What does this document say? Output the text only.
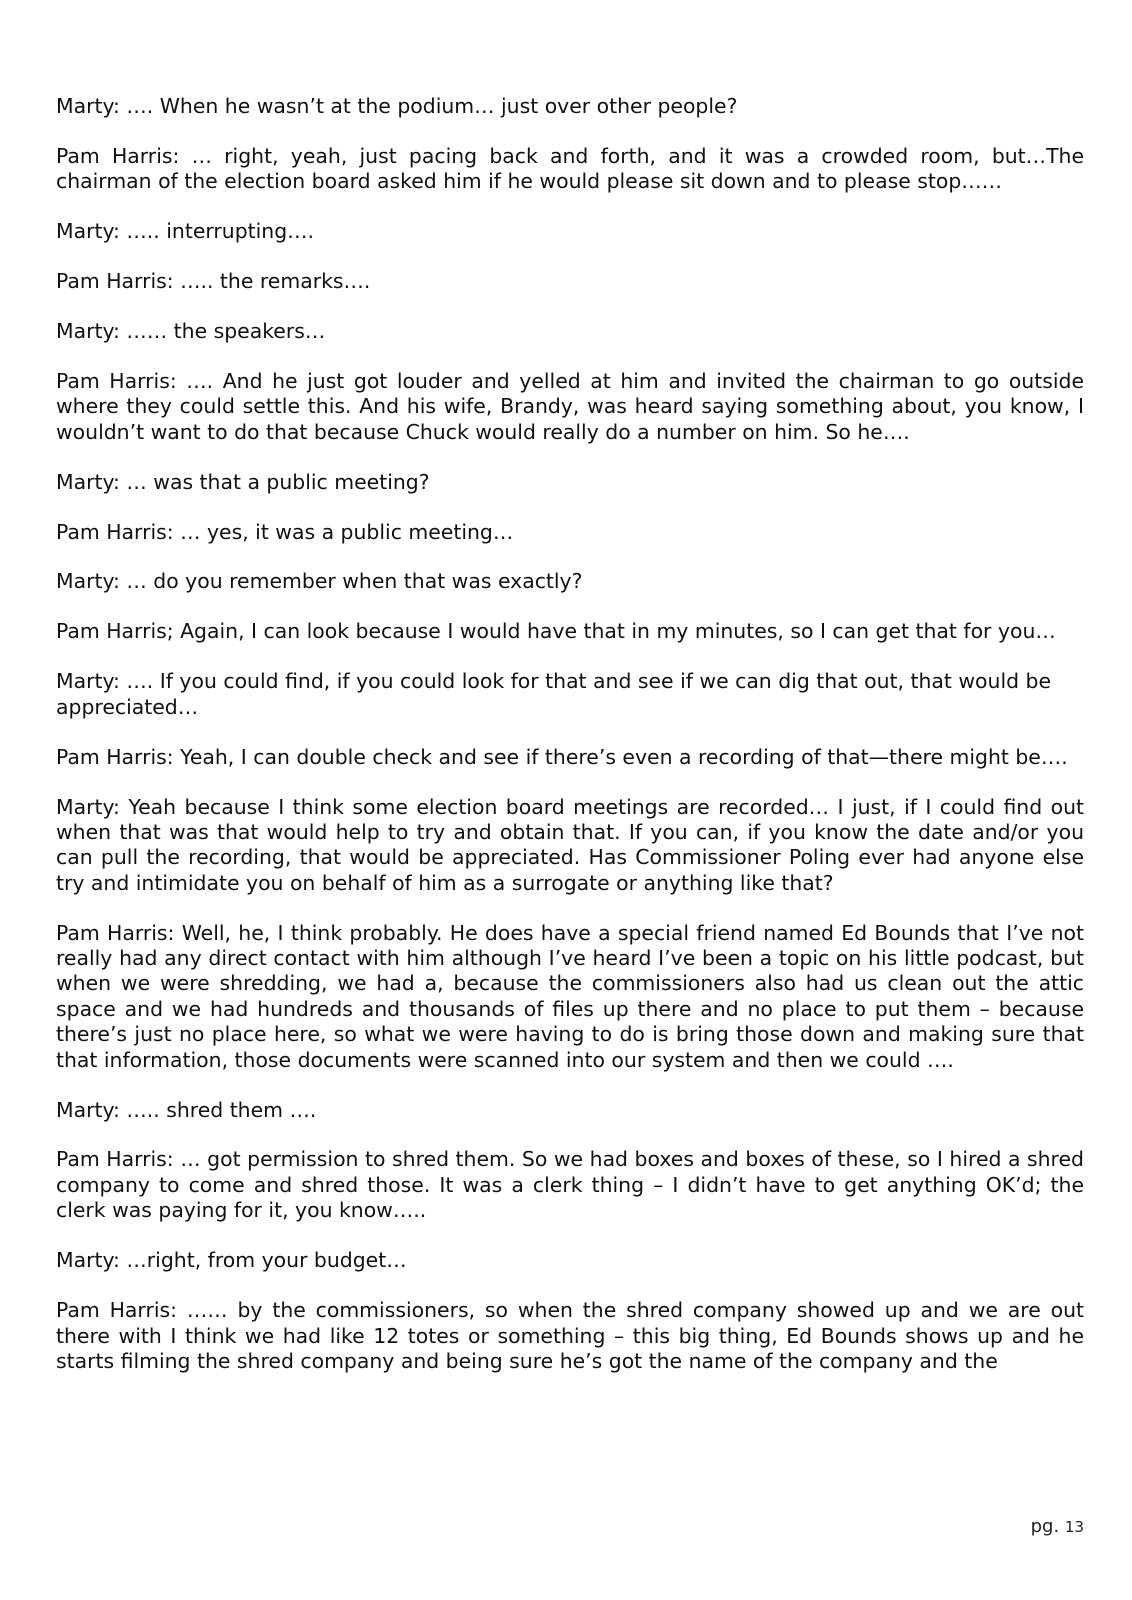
Marty: …. When he wasn’t at the podium… just over other people?

Pam Harris: … right, yeah, just pacing back and forth, and it was a crowded room, but…The chairman of the election board asked him if he would please sit down and to please stop……

Marty: ….. interrupting….

Pam Harris: ….. the remarks….

Marty: …… the speakers…

Pam Harris: …. And he just got louder and yelled at him and invited the chairman to go outside where they could settle this. And his wife, Brandy, was heard saying something about, you know, I wouldn’t want to do that because Chuck would really do a number on him. So he….

Marty: … was that a public meeting?

Pam Harris: … yes, it was a public meeting…

Marty: … do you remember when that was exactly?

Pam Harris; Again, I can look because I would have that in my minutes, so I can get that for you…

Marty: …. If you could find, if you could look for that and see if we can dig that out, that would be appreciated…

Pam Harris: Yeah, I can double check and see if there’s even a recording of that—there might be….

Marty: Yeah because I think some election board meetings are recorded… I just, if I could find out when that was that would help to try and obtain that. If you can, if you know the date and/or you can pull the recording, that would be appreciated. Has Commissioner Poling ever had anyone else try and intimidate you on behalf of him as a surrogate or anything like that?

Pam Harris: Well, he, I think probably. He does have a special friend named Ed Bounds that I’ve not really had any direct contact with him although I’ve heard I’ve been a topic on his little podcast, but when we were shredding, we had a, because the commissioners also had us clean out the attic space and we had hundreds and thousands of files up there and no place to put them – because there’s just no place here, so what we were having to do is bring those down and making sure that that information, those documents were scanned into our system and then we could ….

Marty: ….. shred them ….

Pam Harris: … got permission to shred them. So we had boxes and boxes of these, so I hired a shred company to come and shred those. It was a clerk thing – I didn’t have to get anything OK’d; the clerk was paying for it, you know…..

Marty: …right, from your budget…

Pam Harris: …… by the commissioners, so when the shred company showed up and we are out there with I think we had like 12 totes or something – this big thing, Ed Bounds shows up and he starts filming the shred company and being sure he’s got the name of the company and the

pg. 13
